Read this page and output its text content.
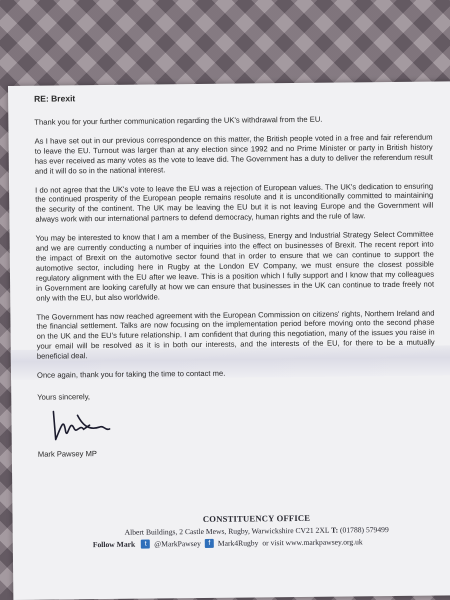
RE: Brexit

Thank you for your further communication regarding the UK's withdrawal from the EU.

As I have set out in our previous correspondence on this matter, the British people voted in a free and fair referendum to leave the EU. Turnout was larger than at any election since 1992 and no Prime Minister or party in British history has ever received as many votes as the vote to leave did. The Government has a duty to deliver the referendum result and it will do so in the national interest.

I do not agree that the UK's vote to leave the EU was a rejection of European values. The UK's dedication to ensuring the continued prosperity of the European people remains resolute and it is unconditionally committed to maintaining the security of the continent. The UK may be leaving the EU but it is not leaving Europe and the Government will always work with our international partners to defend democracy, human rights and the rule of law.

You may be interested to know that I am a member of the Business, Energy and Industrial Strategy Select Committee and we are currently conducting a number of inquiries into the effect on businesses of Brexit. The recent report into the impact of Brexit on the automotive sector found that in order to ensure that we can continue to support the automotive sector, including here in Rugby at the London EV Company, we must ensure the closest possible regulatory alignment with the EU after we leave. This is a position which I fully support and I know that my colleagues in Government are looking carefully at how we can ensure that businesses in the UK can continue to trade freely not only with the EU, but also worldwide.

The Government has now reached agreement with the European Commission on citizens' rights, Northern Ireland and the financial settlement. Talks are now focusing on the implementation period before moving onto the second phase on the UK and the EU's future relationship. I am confident that during this negotiation, many of the issues you raise in your email will be resolved as it is in both our interests, and the interests of the EU, for there to be a mutually beneficial deal.

Once again, thank you for taking the time to contact me.

Yours sincerely,
Mark Pawsey MP
CONSTITUENCY OFFICE
Albert Buildings, 2 Castle Mews, Rugby, Warwickshire CV21 2XL T: (01788) 579499
Follow Mark	t @MarkPawsey	f Mark4Rugby or visit www.markpawsey.org.uk
